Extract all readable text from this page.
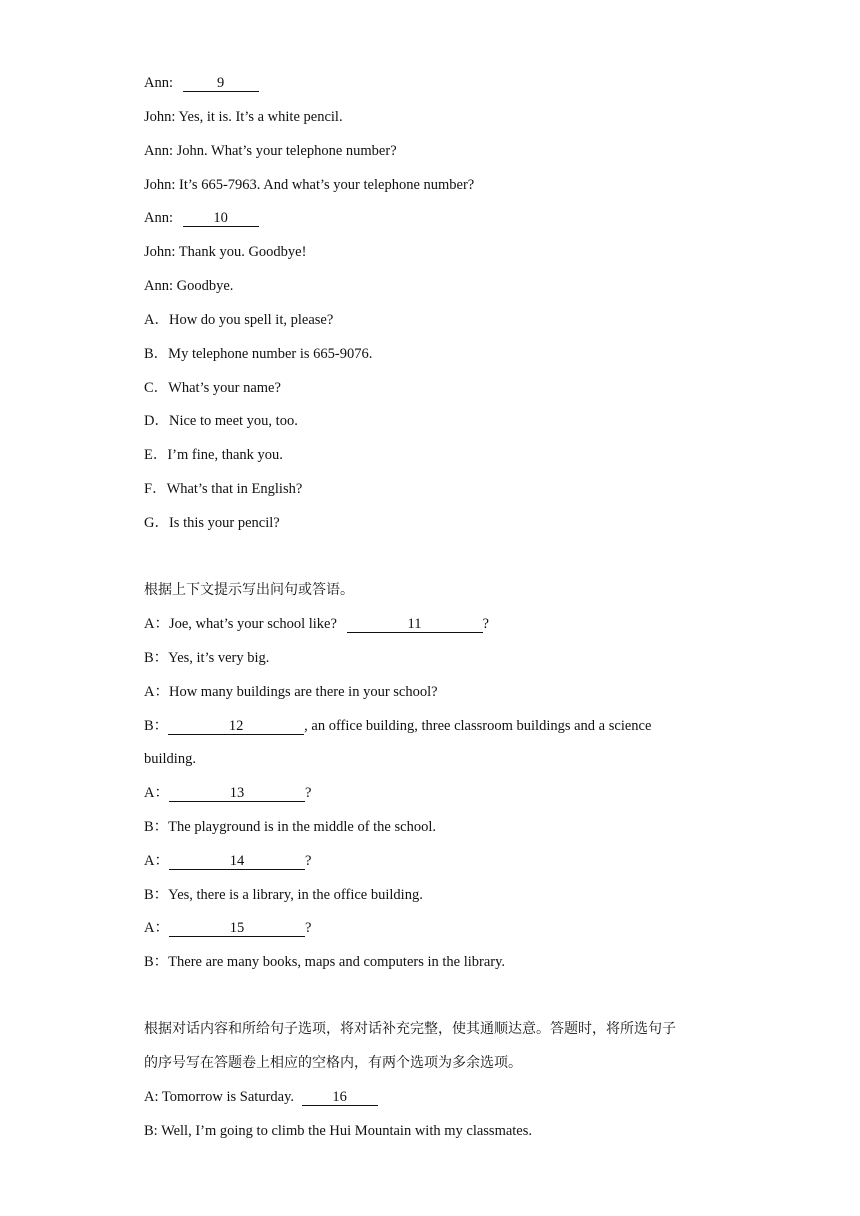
Ann:	9
John: Yes, it is. It’s a white pencil.
Ann: John. What’s your telephone number?
John: It’s 665-7963. And what’s your telephone number?
Ann:	10
John: Thank you. Goodbye!
Ann: Goodbye.
A．How do you spell it, please?
B．My telephone number is 665-9076.
C．What’s your name?
D．Nice to meet you, too.
E．I’m fine, thank you.
F．What’s that in English?
G．Is this your pencil?
根据上下文提示写出问句或答语。
A：Joe, what’s your school like?	11	?
B：Yes, it’s very big.
A：How many buildings are there in your school?
B：	12	, an office building, three classroom buildings and a science
building.
A：	13	?
B：The playground is in the middle of the school.
A：	14	?
B：Yes, there is a library, in the office building.
A：	15	?
B：There are many books, maps and computers in the library.
根据对话内容和所给句子选项，将对话补充完整，使其通顺达意。答题时，将所选句子
的序号写在答题卷上相应的空格内，有两个选项为多余选项。
A: Tomorrow is Saturday. 16
B: Well, I’m going to climb the Hui Mountain with my classmates.
